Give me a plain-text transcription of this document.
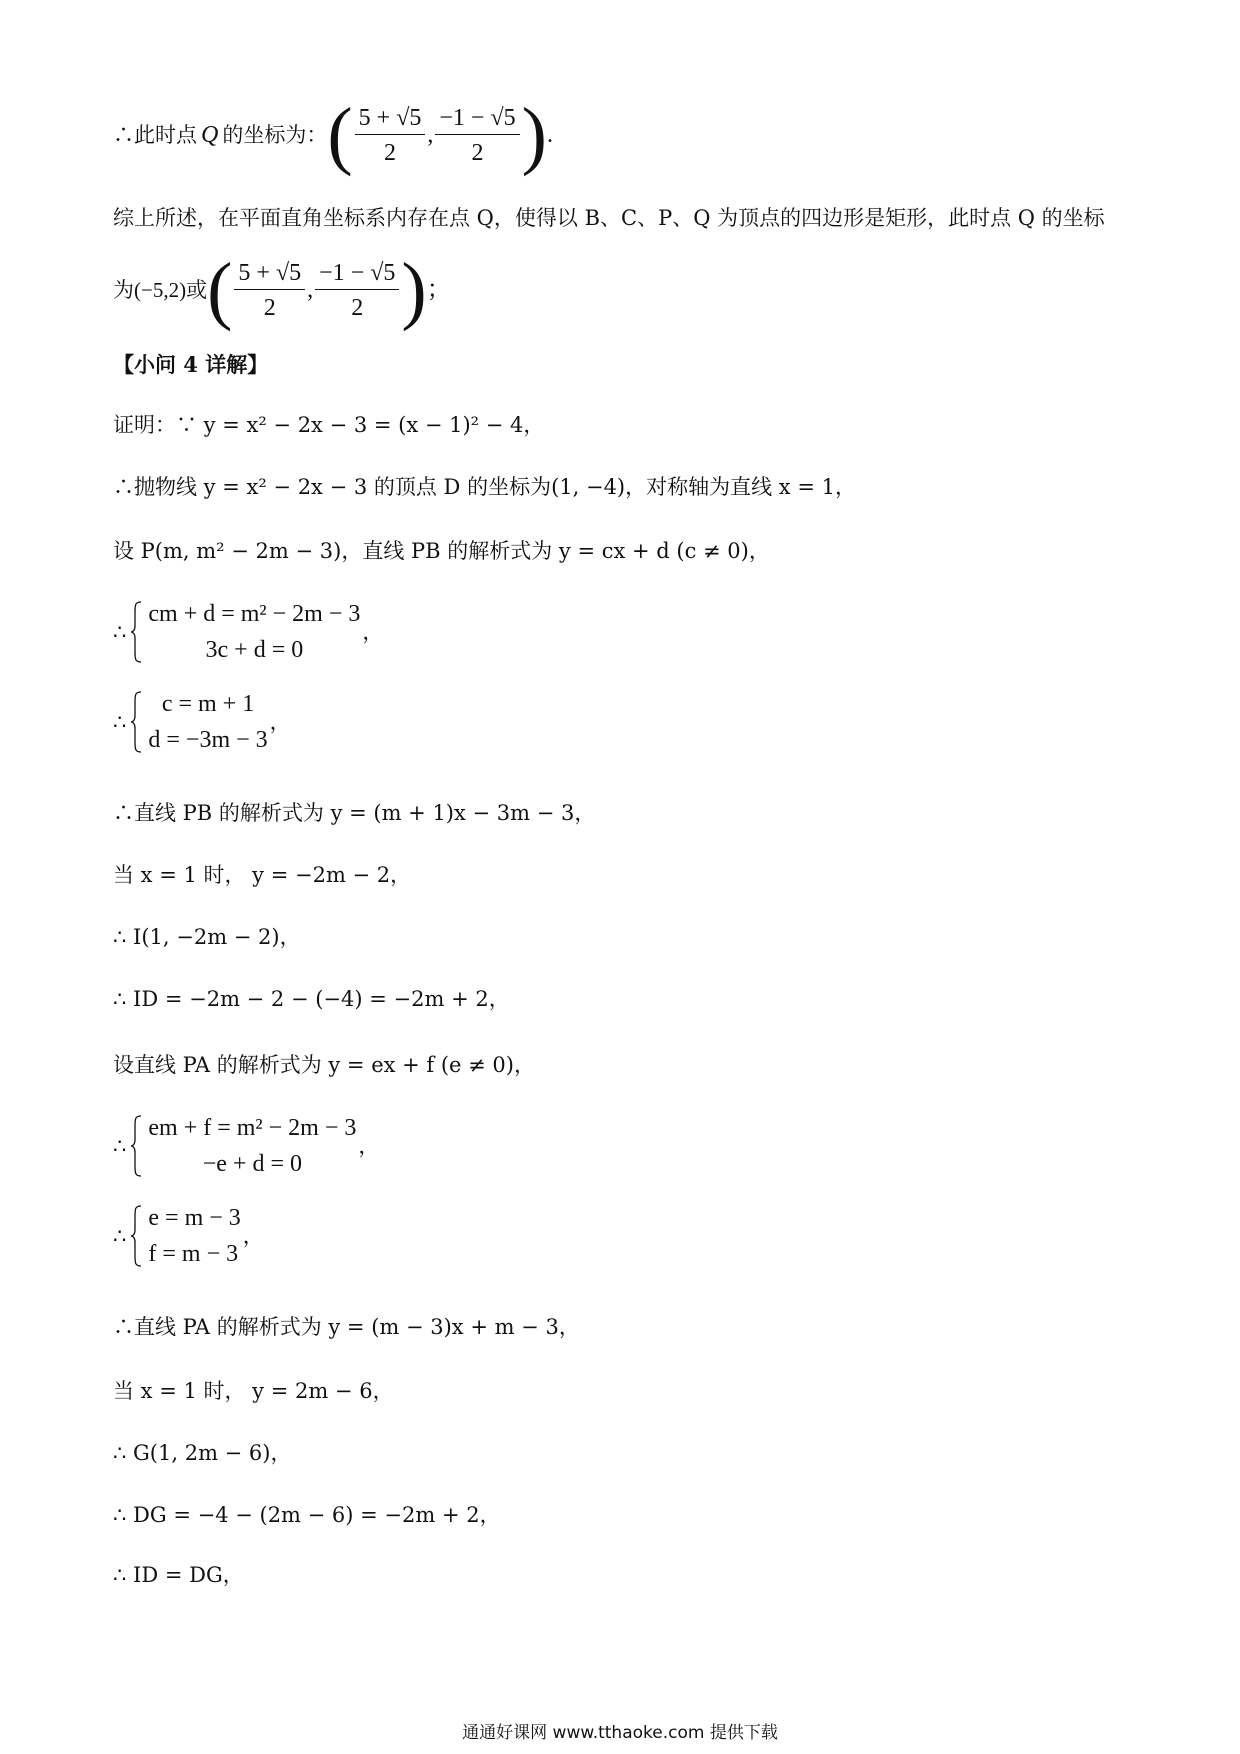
∴此时点 Q 的坐标为： ( $\frac{5 + √5}{2}$ , $\frac{-1 - √5}{2}$ ) .
综上所述，在平面直角坐标系内存在点 Q，使得以 B、C、P、Q 为顶点的四边形是矩形，此时点 Q 的坐标
为(−5,2)或 ( $\frac{5 + √5}{2}$ , $\frac{-1 - √5}{2}$ ) ；
【小问 4 详解】
证明：∵ y = x² − 2x − 3 = (x − 1)² − 4，
∴抛物线 y = x² − 2x − 3 的顶点 D 的坐标为(1, −4)，对称轴为直线 x = 1，
设 P(m, m² − 2m − 3)，直线 PB 的解析式为 y = cx + d (c ≠ 0)，
∴
cm + d = m² − 2m − 3
3c + d = 0
，
∴
c = m + 1
d = −3m − 3
，
∴直线 PB 的解析式为 y = (m + 1)x − 3m − 3，
当 x = 1 时， y = −2m − 2，
∴ I(1, −2m − 2)，
∴ ID = −2m − 2 − (−4) = −2m + 2，
设直线 PA 的解析式为 y = ex + f (e ≠ 0)，
∴
em + f = m² − 2m − 3
−e + d = 0
，
∴
e = m − 3
f = m − 3
，
∴直线 PA 的解析式为 y = (m − 3)x + m − 3，
当 x = 1 时， y = 2m − 6，
∴ G(1, 2m − 6)，
∴ DG = −4 − (2m − 6) = −2m + 2，
∴ ID = DG，
通通好课网 www.tthaoke.com 提供下载
